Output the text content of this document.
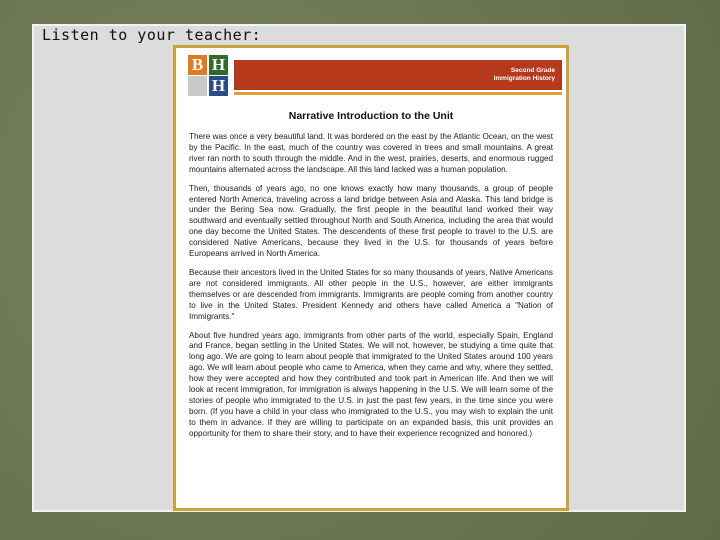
Listen to your teacher:
B H
H
Second Grade
Immigration History
Narrative Introduction to the Unit

There was once a very beautiful land. It was bordered on the east by the Atlantic Ocean, on the west by the Pacific. In the east, much of the country was covered in trees and small mountains. A great river ran north to south through the middle. And in the west, prairies, deserts, and enormous rugged mountains alternated across the landscape. All this land lacked was a human population.

Then, thousands of years ago, no one knows exactly how many thousands, a group of people entered North America, traveling across a land bridge between Asia and Alaska. This land bridge is under the Bering Sea now. Gradually, the first people in the beautiful land worked their way southward and eventually settled throughout North and South America, including the area that would one day become the United States. The descendents of these first people to travel to the U.S. are considered Native Americans, because they lived in the U.S. for thousands of years before Europeans arrived in North America.

Because their ancestors lived in the United States for so many thousands of years, Native Americans are not considered immigrants. All other people in the U.S., however, are either immigrants themselves or are descended from immigrants. Immigrants are people coming from another country to live in the United States. President Kennedy and others have called America a "Nation of Immigrants."

About five hundred years ago, immigrants from other parts of the world, especially Spain, England and France, began settling in the United States. We will not, however, be studying a time quite that long ago. We are going to learn about people that immigrated to the United States around 100 years ago. We will learn about people who came to America, when they came and why, where they settled, how they were accepted and how they contributed and took part in American life. And then we will look at recent immigration, for immigration is always happening in the U.S. We will learn some of the stories of people who immigrated to the U.S. in just the past few years, in the time since you were born. (If you have a child in your class who immigrated to the U.S., you may wish to explain the unit to them in advance. If they are willing to participate on an expanded basis, this unit provides an opportunity for them to share their story, and to have their experience recognized and honored.)
